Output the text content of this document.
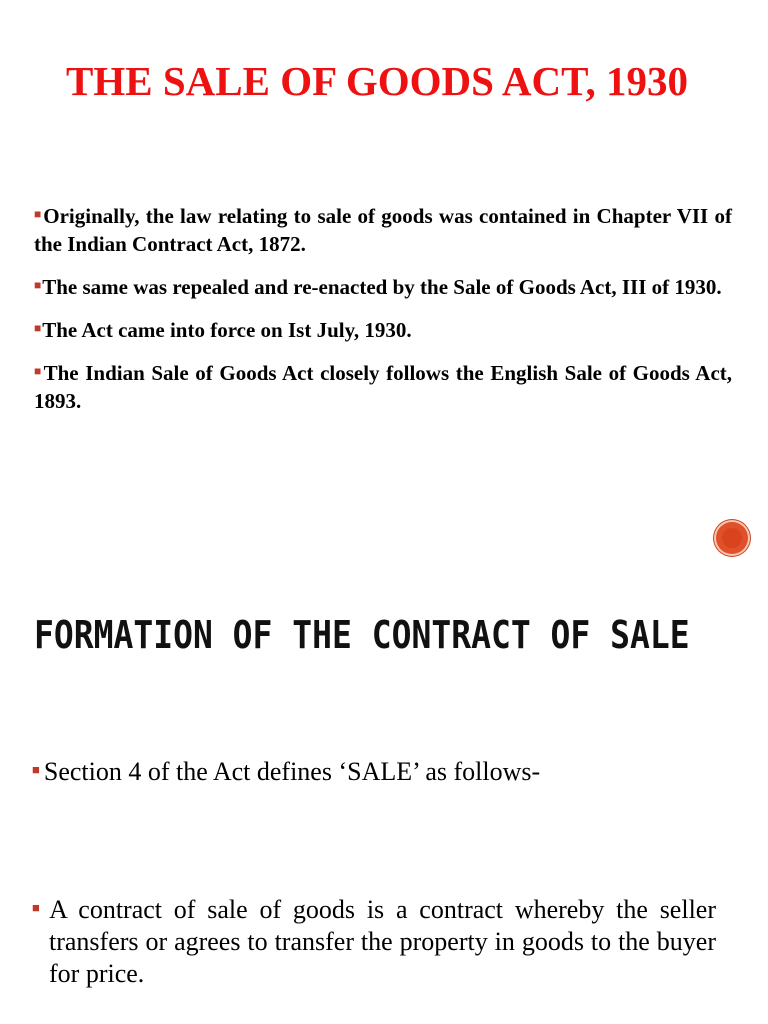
THE SALE OF GOODS ACT, 1930
■Originally, the law relating to sale of goods was contained in Chapter VII of the Indian Contract Act, 1872.
■The same was repealed and re-enacted by the Sale of Goods Act, III of 1930.
■The Act came into force on Ist July, 1930.
■The Indian Sale of Goods Act closely follows the English Sale of Goods Act, 1893.
FORMATION OF THE CONTRACT OF SALE
■ Section 4 of the Act defines ‘SALE’ as follows-
■ A contract of sale of goods is a contract whereby the seller transfers or agrees to transfer the property in goods to the buyer for price.
